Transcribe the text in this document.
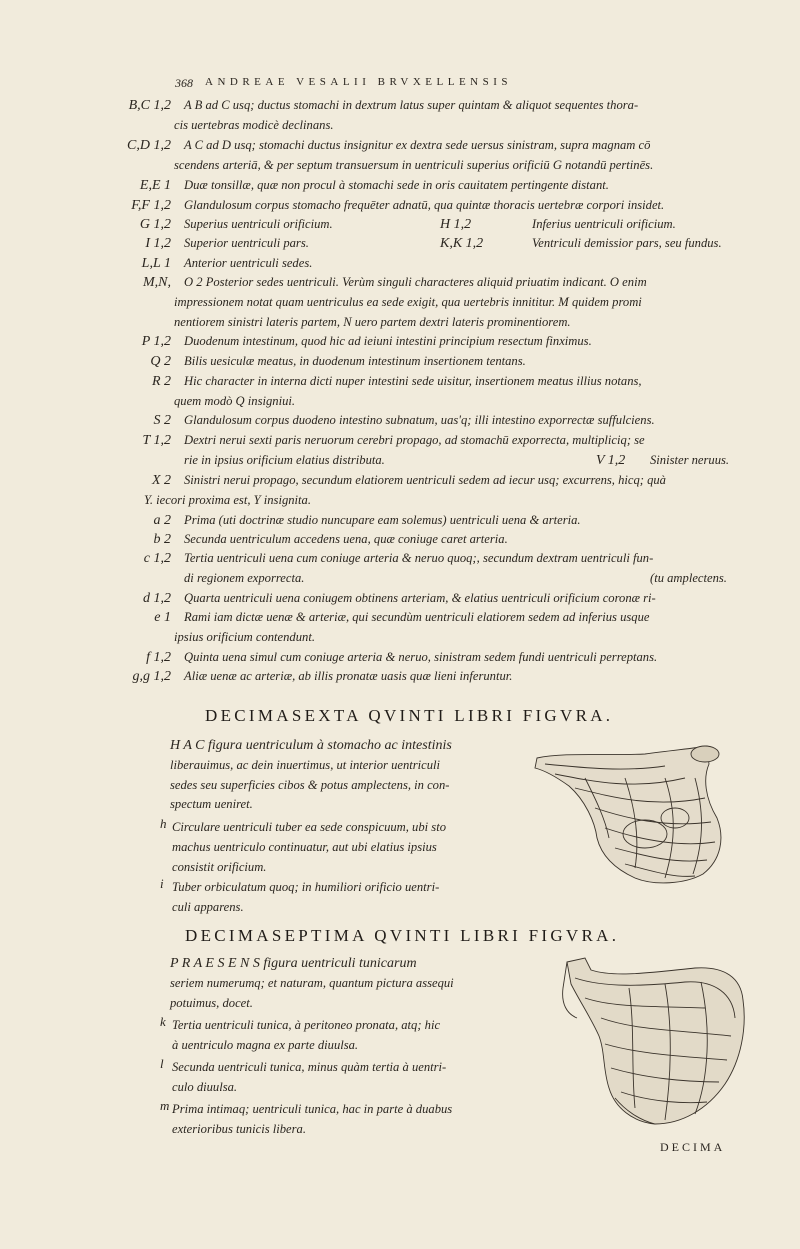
368 ANDREAE VESALII BRVXELLENSIS
B,C 1,2 A B ad C usq; ductus stomachi in dextrum latus super quintam & aliquot sequentes thora-
cis uertebras modicè declinans.
C,D 1,2 A C ad D usq; stomachi ductus insignitur ex dextra sede uersus sinistram, supra magnam cō
scendens arteriā, & per septum transuersum in uentriculi superius orificiū G notandū pertinēs.
E,E 1 Duæ tonsillæ, quæ non procul à stomachi sede in oris cauitatem pertingente distant.
F,F 1,2 Glandulosum corpus stomacho frequēter adnatū, qua quintæ thoracis uertebræ corpori insidet.
G 1,2 Superius uentriculi orificium.	H 1,2	Inferius uentriculi orificium.
I 1,2 Superior uentriculi pars.	K,K 1,2	Ventriculi demissior pars, seu fundus.
L,L 1 Anterior uentriculi sedes.
M,N, O 2 Posterior sedes uentriculi. Verùm singuli characteres aliquid priuatim indicant. O enim
impressionem notat quam uentriculus ea sede exigit, qua uertebris innititur. M quidem promi
nentiorem sinistri lateris partem, N uero partem dextri lateris prominentiorem.
P 1,2 Duodenum intestinum, quod hic ad ieiuni intestini principium resectum finximus.
Q 2 Bilis uesiculæ meatus, in duodenum intestinum insertionem tentans.
R 2 Hic character in interna dicti nuper intestini sede uisitur, insertionem meatus illius notans,
quem modò Q insigniui.
S 2 Glandulosum corpus duodeno intestino subnatum, uas'q; illi intestino exporrectæ suffulciens.
T 1,2 Dextri nerui sexti paris neruorum cerebri propago, ad stomachū exporrecta, multipliciq; se
rie in ipsius orificium elatius distributa.	V 1,2 Sinister neruus.
X 2 Sinistri nerui propago, secundum elatiorem uentriculi sedem ad iecur usq; excurrens, hicq; quà
Y. iecori proxima est, Y insignita.
a 2 Prima (uti doctrinæ studio nuncupare eam solemus) uentriculi uena & arteria.
b 2 Secunda uentriculum accedens uena, quæ coniuge caret arteria.
c 1,2 Tertia uentriculi uena cum coniuge arteria & neruo quoq;, secundum dextram uentriculi fun-
di regionem exporrecta.	(tu amplectens.
d 1,2 Quarta uentriculi uena coniugem obtinens arteriam, & elatius uentriculi orificium coronæ ri-
e 1 Rami iam dictæ uenæ & arteriæ, qui secundùm uentriculi elatiorem sedem ad inferius usque
ipsius orificium contendunt.
f 1,2 Quinta uena simul cum coniuge arteria & neruo, sinistram sedem fundi uentriculi perreptans.
g,g 1,2 Aliæ uenæ ac arteriæ, ab illis pronatæ uasis quæ lieni inferuntur.
DECIMASEXTA QVINTI LIBRI FIGVRA.
H A C figura uentriculum à stomacho ac intestinis
liberauimus, ac dein inuertimus, ut interior uentriculi
sedes seu superficies cibos & potus amplectens, in con-
spectum ueniret.
h Circulare uentriculi tuber ea sede conspicuum, ubi sto
machus uentriculo continuatur, aut ubi elatius ipsius
consistit orificium.
i Tuber orbiculatum quoq; in humiliori orificio uentri-
culi apparens.
DECIMASEPTIMA QVINTI LIBRI FIGVRA.
P R A E S E N S figura uentriculi tunicarum
seriem numerumq; et naturam, quantum pictura assequi
potuimus, docet.
k Tertia uentriculi tunica, à peritoneo pronata, atq; hic
à uentriculo magna ex parte diuulsa.
l Secunda uentriculi tunica, minus quàm tertia à uentri-
culo diuulsa.
m Prima intimaq; uentriculi tunica, hac in parte à duabus
exterioribus tunicis libera.
DECIMA
